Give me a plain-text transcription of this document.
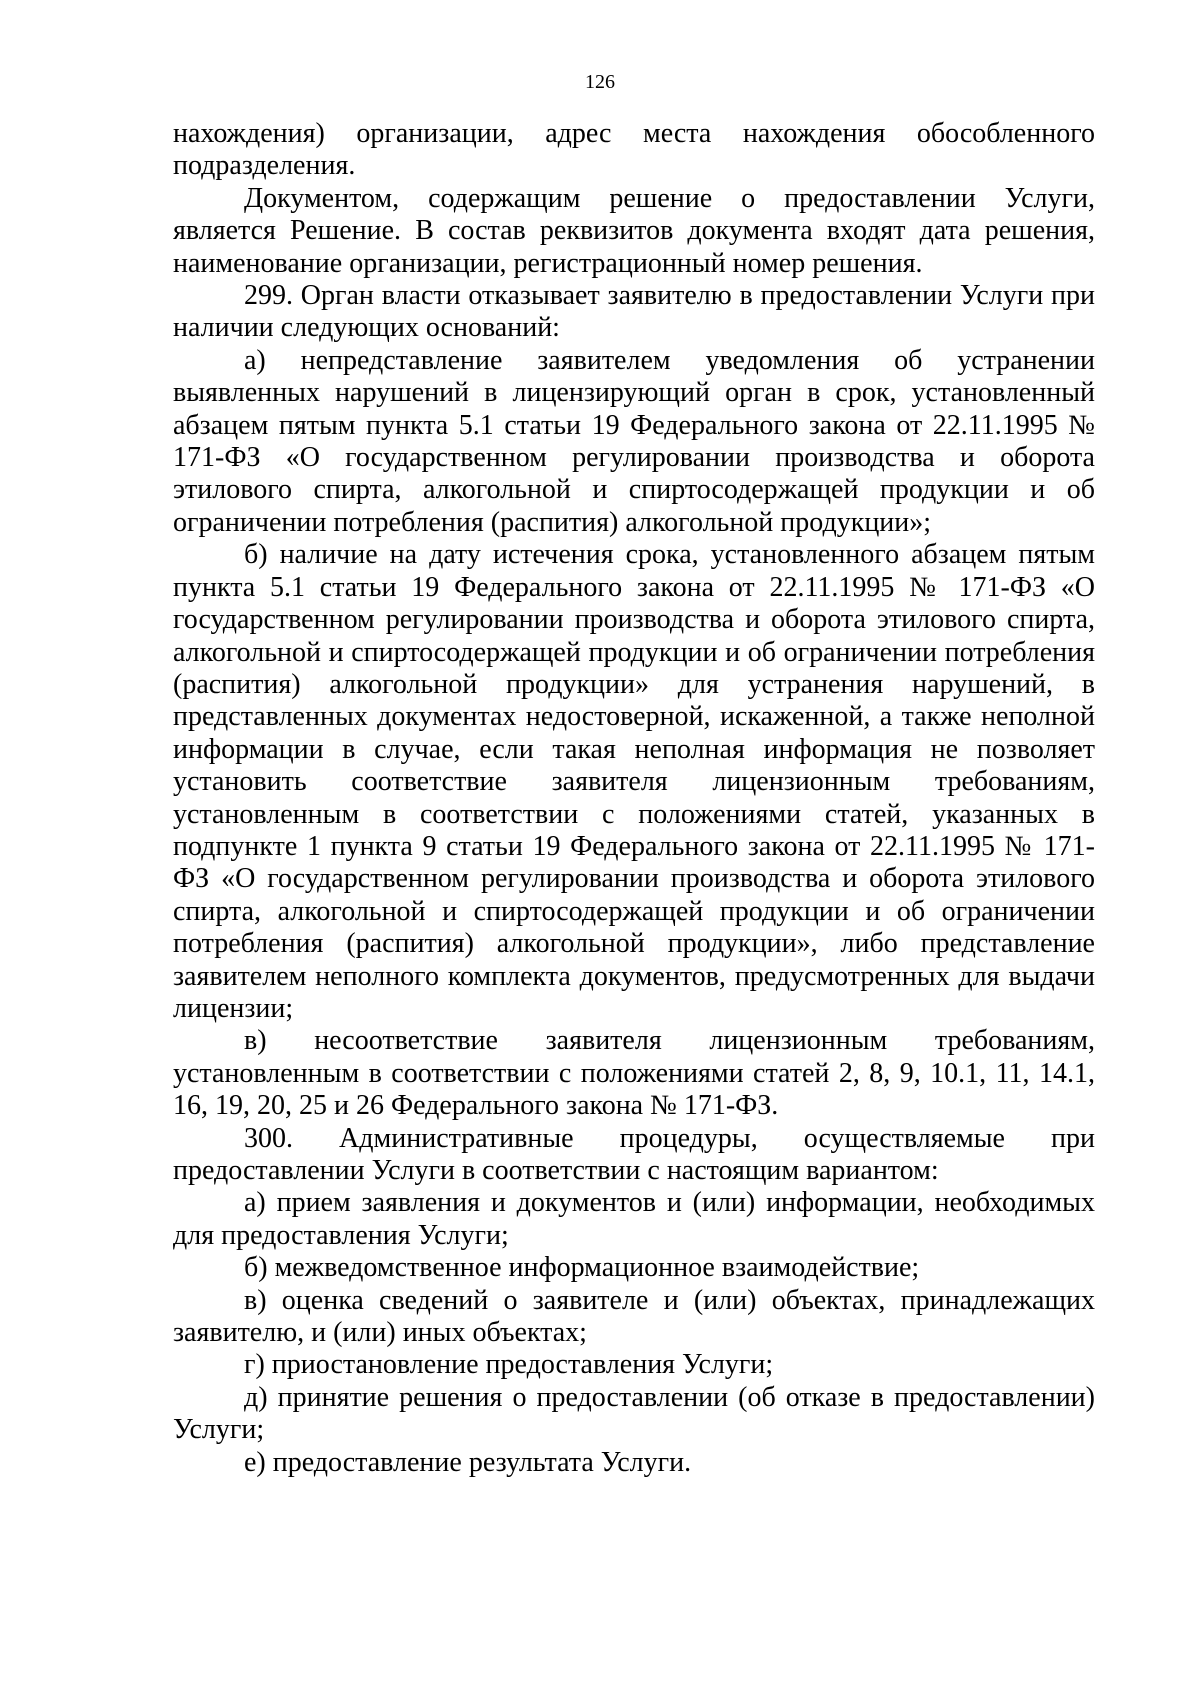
126

нахождения) организации, адрес места нахождения обособленного подразделения.

Документом, содержащим решение о предоставлении Услуги, является Решение. В состав реквизитов документа входят дата решения, наименование организации, регистрационный номер решения.

299. Орган власти отказывает заявителю в предоставлении Услуги при наличии следующих оснований:

а) непредставление заявителем уведомления об устранении выявленных нарушений в лицензирующий орган в срок, установленный абзацем пятым пункта 5.1 статьи 19 Федерального закона от 22.11.1995 № 171-ФЗ «О государственном регулировании производства и оборота этилового спирта, алкогольной и спиртосодержащей продукции и об ограничении потребления (распития) алкогольной продукции»;

б) наличие на дату истечения срока, установленного абзацем пятым пункта 5.1 статьи 19 Федерального закона от 22.11.1995 № 171-ФЗ «О государственном регулировании производства и оборота этилового спирта, алкогольной и спиртосодержащей продукции и об ограничении потребления (распития) алкогольной продукции» для устранения нарушений, в представленных документах недостоверной, искаженной, а также неполной информации в случае, если такая неполная информация не позволяет установить соответствие заявителя лицензионным требованиям, установленным в соответствии с положениями статей, указанных в подпункте 1 пункта 9 статьи 19 Федерального закона от 22.11.1995 № 171-ФЗ «О государственном регулировании производства и оборота этилового спирта, алкогольной и спиртосодержащей продукции и об ограничении потребления (распития) алкогольной продукции», либо представление заявителем неполного комплекта документов, предусмотренных для выдачи лицензии;

в) несоответствие заявителя лицензионным требованиям, установленным в соответствии с положениями статей 2, 8, 9, 10.1, 11, 14.1, 16, 19, 20, 25 и 26 Федерального закона № 171-ФЗ.

300. Административные процедуры, осуществляемые при предоставлении Услуги в соответствии с настоящим вариантом:

а) прием заявления и документов и (или) информации, необходимых для предоставления Услуги;

б) межведомственное информационное взаимодействие;

в) оценка сведений о заявителе и (или) объектах, принадлежащих заявителю, и (или) иных объектах;

г) приостановление предоставления Услуги;

д) принятие решения о предоставлении (об отказе в предоставлении) Услуги;

е) предоставление результата Услуги.
